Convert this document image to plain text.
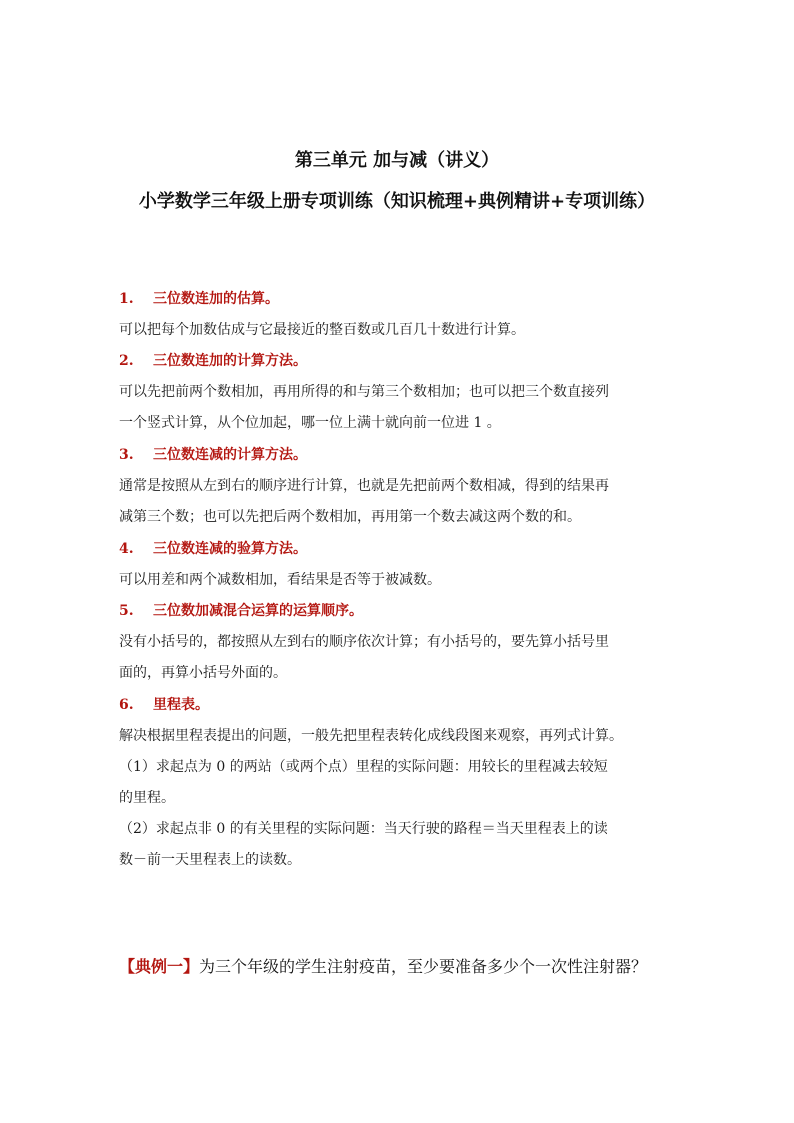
第三单元 加与减（讲义）
小学数学三年级上册专项训练（知识梳理+典例精讲+专项训练）
1. 三位数连加的估算。
可以把每个加数估成与它最接近的整百数或几百几十数进行计算。
2. 三位数连加的计算方法。
可以先把前两个数相加，再用所得的和与第三个数相加；也可以把三个数直接列
一个竖式计算，从个位加起，哪一位上满十就向前一位进 1 。
3. 三位数连减的计算方法。
通常是按照从左到右的顺序进行计算，也就是先把前两个数相减，得到的结果再
减第三个数；也可以先把后两个数相加，再用第一个数去减这两个数的和。
4. 三位数连减的验算方法。
可以用差和两个减数相加，看结果是否等于被减数。
5. 三位数加减混合运算的运算顺序。
没有小括号的，都按照从左到右的顺序依次计算；有小括号的，要先算小括号里
面的，再算小括号外面的。
6. 里程表。
解决根据里程表提出的问题，一般先把里程表转化成线段图来观察，再列式计算。
（1）求起点为 0 的两站（或两个点）里程的实际问题：用较长的里程减去较短
的里程。
（2）求起点非 0 的有关里程的实际问题：当天行驶的路程＝当天里程表上的读
数－前一天里程表上的读数。
【典例一】为三个年级的学生注射疫苗，至少要准备多少个一次性注射器？
